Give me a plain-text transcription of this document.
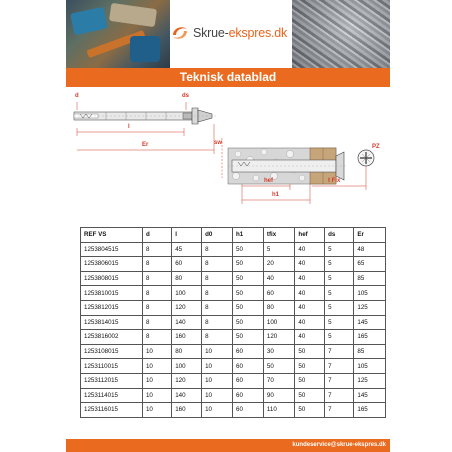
Skrue-ekspres.dk
Teknisk datablad
d	ds
l
Er	sw
PZ
hef	t Fix
h1
REF VS	d	l	d0	h1	tfix	hef	ds	Er
1253804515	8	45	8	50	5	40	5	48
1253806015	8	60	8	50	20	40	5	65
1253808015	8	80	8	50	40	40	5	85
1253810015	8	100	8	50	60	40	5	105
1253812015	8	120	8	50	80	40	5	125
1253814015	8	140	8	50	100	40	5	145
1253816002	8	160	8	50	120	40	5	165
1253108015	10	80	10	60	30	50	7	85
1253110015	10	100	10	60	50	50	7	105
1253112015	10	120	10	60	70	50	7	125
1253114015	10	140	10	60	90	50	7	145
1253116015	10	160	10	60	110	50	7	165
kundeservice@skrue-ekspres.dk
